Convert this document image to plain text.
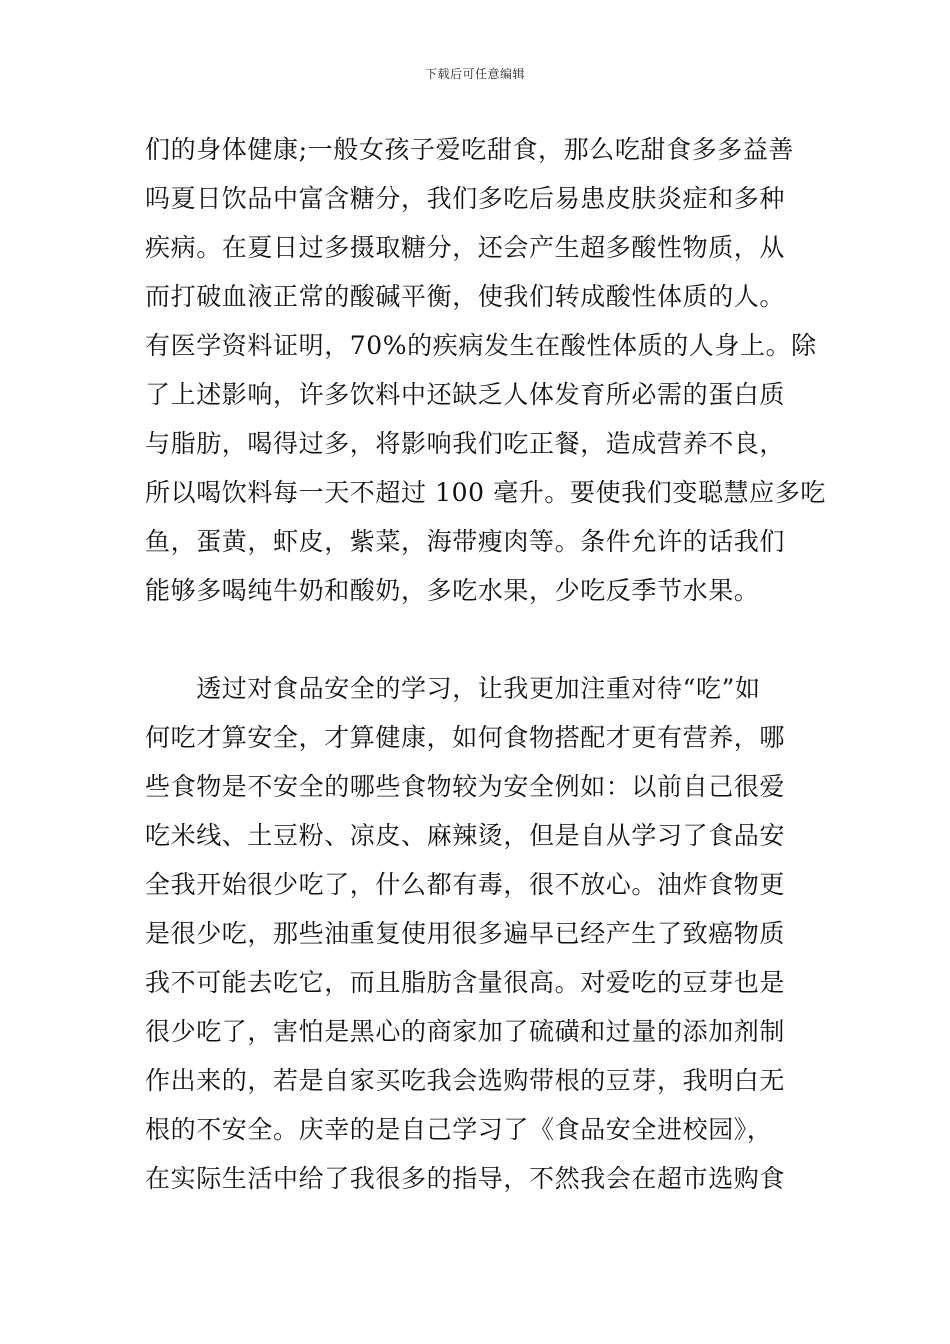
下载后可任意编辑
们的身体健康;一般女孩子爱吃甜食，那么吃甜食多多益善
吗夏日饮品中富含糖分，我们多吃后易患皮肤炎症和多种
疾病。在夏日过多摄取糖分，还会产生超多酸性物质，从
而打破血液正常的酸碱平衡，使我们转成酸性体质的人。
有医学资料证明，70%的疾病发生在酸性体质的人身上。除
了上述影响，许多饮料中还缺乏人体发育所必需的蛋白质
与脂肪，喝得过多，将影响我们吃正餐，造成营养不良，
所以喝饮料每一天不超过 100 毫升。要使我们变聪慧应多吃
鱼，蛋黄，虾皮，紫菜，海带瘦肉等。条件允许的话我们
能够多喝纯牛奶和酸奶，多吃水果，少吃反季节水果。
　　透过对食品安全的学习，让我更加注重对待“吃”如
何吃才算安全，才算健康，如何食物搭配才更有营养，哪
些食物是不安全的哪些食物较为安全例如：以前自己很爱
吃米线、土豆粉、凉皮、麻辣烫，但是自从学习了食品安
全我开始很少吃了，什么都有毒，很不放心。油炸食物更
是很少吃，那些油重复使用很多遍早已经产生了致癌物质
我不可能去吃它，而且脂肪含量很高。对爱吃的豆芽也是
很少吃了，害怕是黑心的商家加了硫磺和过量的添加剂制
作出来的，若是自家买吃我会选购带根的豆芽，我明白无
根的不安全。庆幸的是自己学习了《食品安全进校园》，
在实际生活中给了我很多的指导，不然我会在超市选购食
